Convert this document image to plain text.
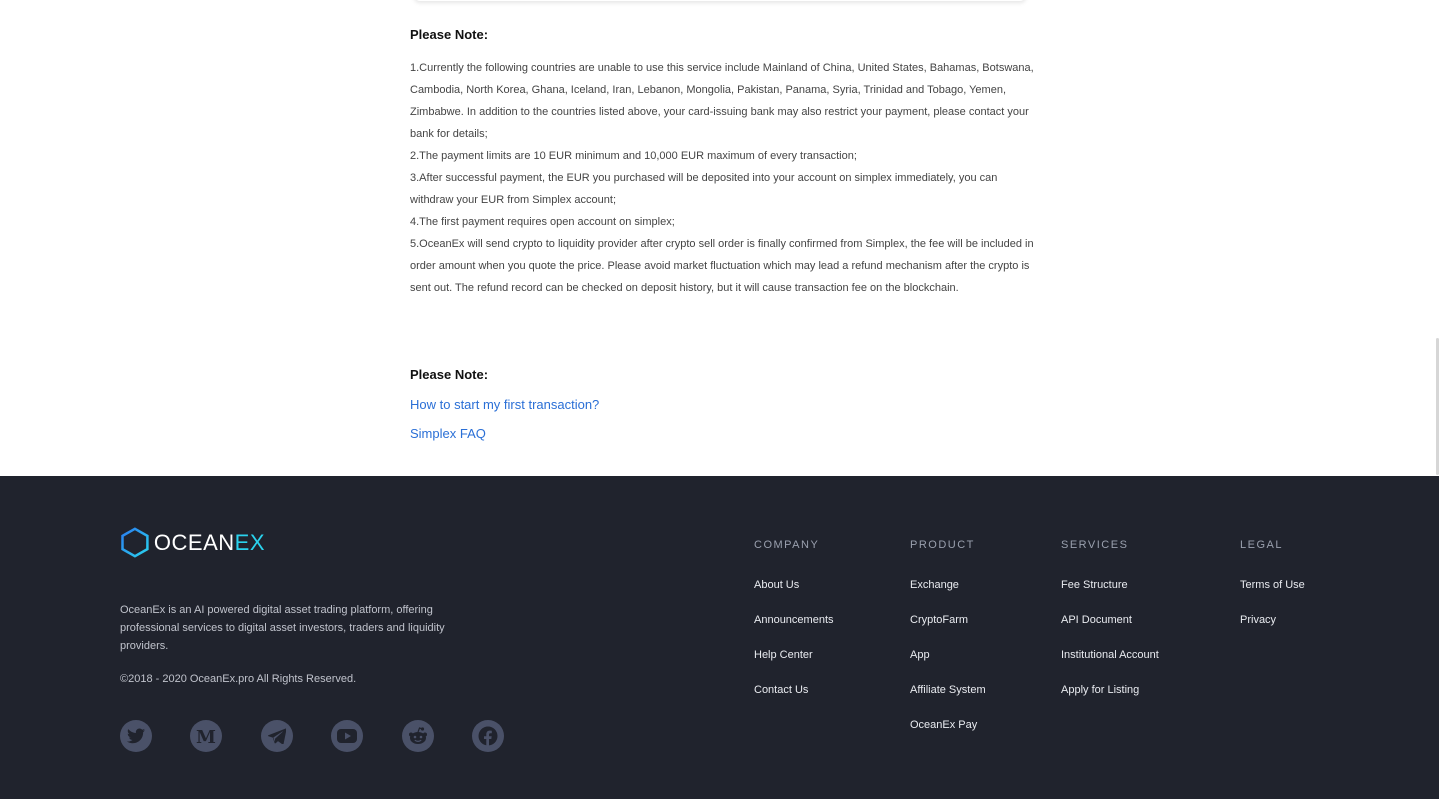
Please Note:

1.Currently the following countries are unable to use this service include Mainland of China, United States, Bahamas, Botswana, Cambodia, North Korea, Ghana, Iceland, Iran, Lebanon, Mongolia, Pakistan, Panama, Syria, Trinidad and Tobago, Yemen, Zimbabwe. In addition to the countries listed above, your card-issuing bank may also restrict your payment, please contact your bank for details;
2.The payment limits are 10 EUR minimum and 10,000 EUR maximum of every transaction;
3.After successful payment, the EUR you purchased will be deposited into your account on simplex immediately, you can withdraw your EUR from Simplex account;
4.The first payment requires open account on simplex;
5.OceanEx will send crypto to liquidity provider after crypto sell order is finally confirmed from Simplex, the fee will be included in order amount when you quote the price. Please avoid market fluctuation which may lead a refund mechanism after the crypto is sent out. The refund record can be checked on deposit history, but it will cause transaction fee on the blockchain.

Please Note:

How to start my first transaction?
Simplex FAQ
OCEANEX

OceanEx is an AI powered digital asset trading platform, offering professional services to digital asset investors, traders and liquidity providers.

©2018 - 2020 OceanEx.pro All Rights Reserved.
M

COMPANY

About Us
Announcements
Help Center
Contact Us

PRODUCT

Exchange
CryptoFarm
App
Affiliate System
OceanEx Pay

SERVICES

Fee Structure
API Document
Institutional Account
Apply for Listing

LEGAL

Terms of Use
Privacy
